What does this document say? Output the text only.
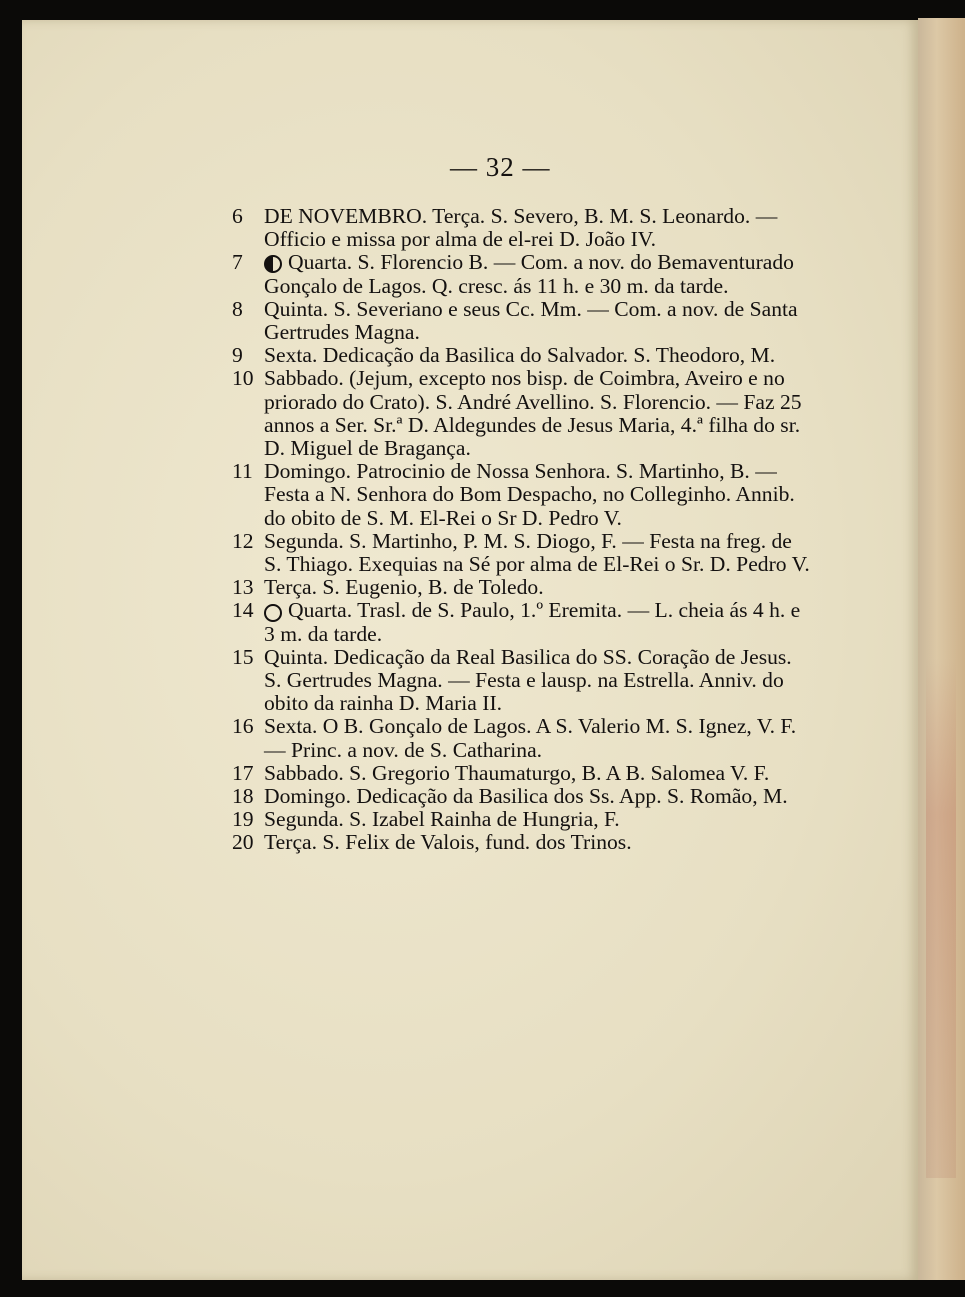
— 32 —
6 DE NOVEMBRO. Terça. S. Severo, B. M. S. Leonardo. — Officio e missa por alma de el-rei D. João IV.
7	Quarta. S. Florencio B. — Com. a nov. do Bemaventurado Gonçalo de Lagos. Q. cresc. ás 11 h. e 30 m. da tarde.
8 Quinta. S. Severiano e seus Cc. Mm. — Com. a nov. de Santa Gertrudes Magna.
9 Sexta. Dedicação da Basilica do Salvador. S. Theodoro, M.
10 Sabbado. (Jejum, excepto nos bisp. de Coimbra, Aveiro e no priorado do Crato). S. André Avellino. S. Florencio. — Faz 25 annos a Ser. Sr.ª D. Aldegundes de Jesus Maria, 4.ª filha do sr. D. Miguel de Bragança.
11 Domingo. Patrocinio de Nossa Senhora. S. Martinho, B. — Festa a N. Senhora do Bom Despacho, no Colleginho. Annib. do obito de S. M. El-Rei o Sr D. Pedro V.
12 Segunda. S. Martinho, P. M. S. Diogo, F. — Festa na freg. de S. Thiago. Exequias na Sé por alma de El-Rei o Sr. D. Pedro V.
13 Terça. S. Eugenio, B. de Toledo.
14	Quarta. Trasl. de S. Paulo, 1.º Eremita. — L. cheia ás 4 h. e 3 m. da tarde.
15 Quinta. Dedicação da Real Basilica do SS. Coração de Jesus. S. Gertrudes Magna. — Festa e lausp. na Estrella. Anniv. do obito da rainha D. Maria II.
16 Sexta. O B. Gonçalo de Lagos. A S. Valerio M. S. Ignez, V. F. — Princ. a nov. de S. Catharina.
17 Sabbado. S. Gregorio Thaumaturgo, B. A B. Salomea V. F.
18 Domingo. Dedicação da Basilica dos Ss. App. S. Romão, M.
19 Segunda. S. Izabel Rainha de Hungria, F.
20 Terça. S. Felix de Valois, fund. dos Trinos.
